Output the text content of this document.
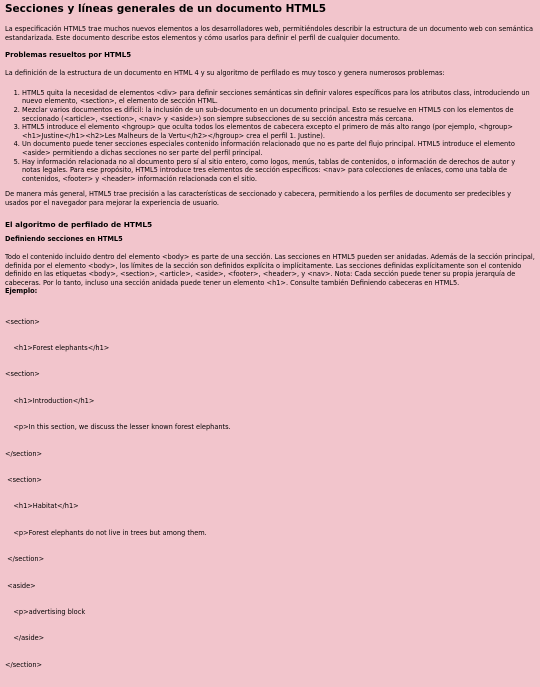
Secciones y líneas generales de un documento HTML5

La especificación HTML5 trae muchos nuevos elementos a los desarrolladores web, permitiéndoles describir la estructura de un documento web con semántica estandarizada. Este documento describe estos elementos y cómo usarlos para definir el perfil de cualquier documento.

Problemas resueltos por HTML5

La definición de la estructura de un documento en HTML 4 y su algoritmo de perfilado es muy tosco y genera numerosos problemas:

1. HTML5 quita la necesidad de elementos <div> para definir secciones semánticas sin definir valores específicos para los atributos class, introduciendo un nuevo elemento, <section>, el elemento de sección HTML.
2. Mezclar varios documentos es difícil: la inclusión de un sub-documento en un documento principal. Esto se resuelve en HTML5 con los elementos de seccionado (<article>, <section>, <nav> y <aside>) son siempre subsecciones de su sección ancestra más cercana.
3. HTML5 introduce el elemento <hgroup> que oculta todos los elementos de cabecera excepto el primero de más alto rango (por ejemplo, <hgroup><h1>Justine</h1><h2>Les Malheurs de la Vertu</h2></hgroup> crea el perfil 1. Justine).
4. Un documento puede tener secciones especiales contenido información relacionado que no es parte del flujo principal. HTML5 introduce el elemento <aside> permitiendo a dichas secciones no ser parte del perfil principal.
5. Hay información relacionada no al documento pero sí al sitio entero, como logos, menús, tablas de contenidos, o información de derechos de autor y notas legales. Para ese propósito, HTML5 introduce tres elementos de sección específicos: <nav> para colecciones de enlaces, como una tabla de contenidos, <footer> y <header> información relacionada con el sitio.

De manera más general, HTML5 trae precisión a las características de seccionado y cabecera, permitiendo a los perfiles de documento ser predecibles y usados por el navegador para mejorar la experiencia de usuario.

El algoritmo de perfilado de HTML5
Definiendo secciones en HTML5

Todo el contenido incluido dentro del elemento <body> es parte de una sección. Las secciones en HTML5 pueden ser anidadas. Además de la sección principal, definida por el elemento <body>, los límites de la sección son definidos explícita o implícitamente. Las secciones definidas explícitamente son el contenido definido en las etiquetas <body>, <section>, <article>, <aside>, <footer>, <header>, y <nav>. Nota: Cada sección puede tener su propia jerarquía de cabeceras. Por lo tanto, incluso una sección anidada puede tener un elemento <h1>. Consulte también Definiendo cabeceras en HTML5.

Ejemplo:

<section>

<h1>Forest elephants</h1>

<section>

<h1>Introduction</h1>

<p>In this section, we discuss the lesser known forest elephants.

</section>

<section>

<h1>Habitat</h1>

<p>Forest elephants do not live in trees but among them.

</section>

<aside>

<p>advertising block

</aside>

</section>
